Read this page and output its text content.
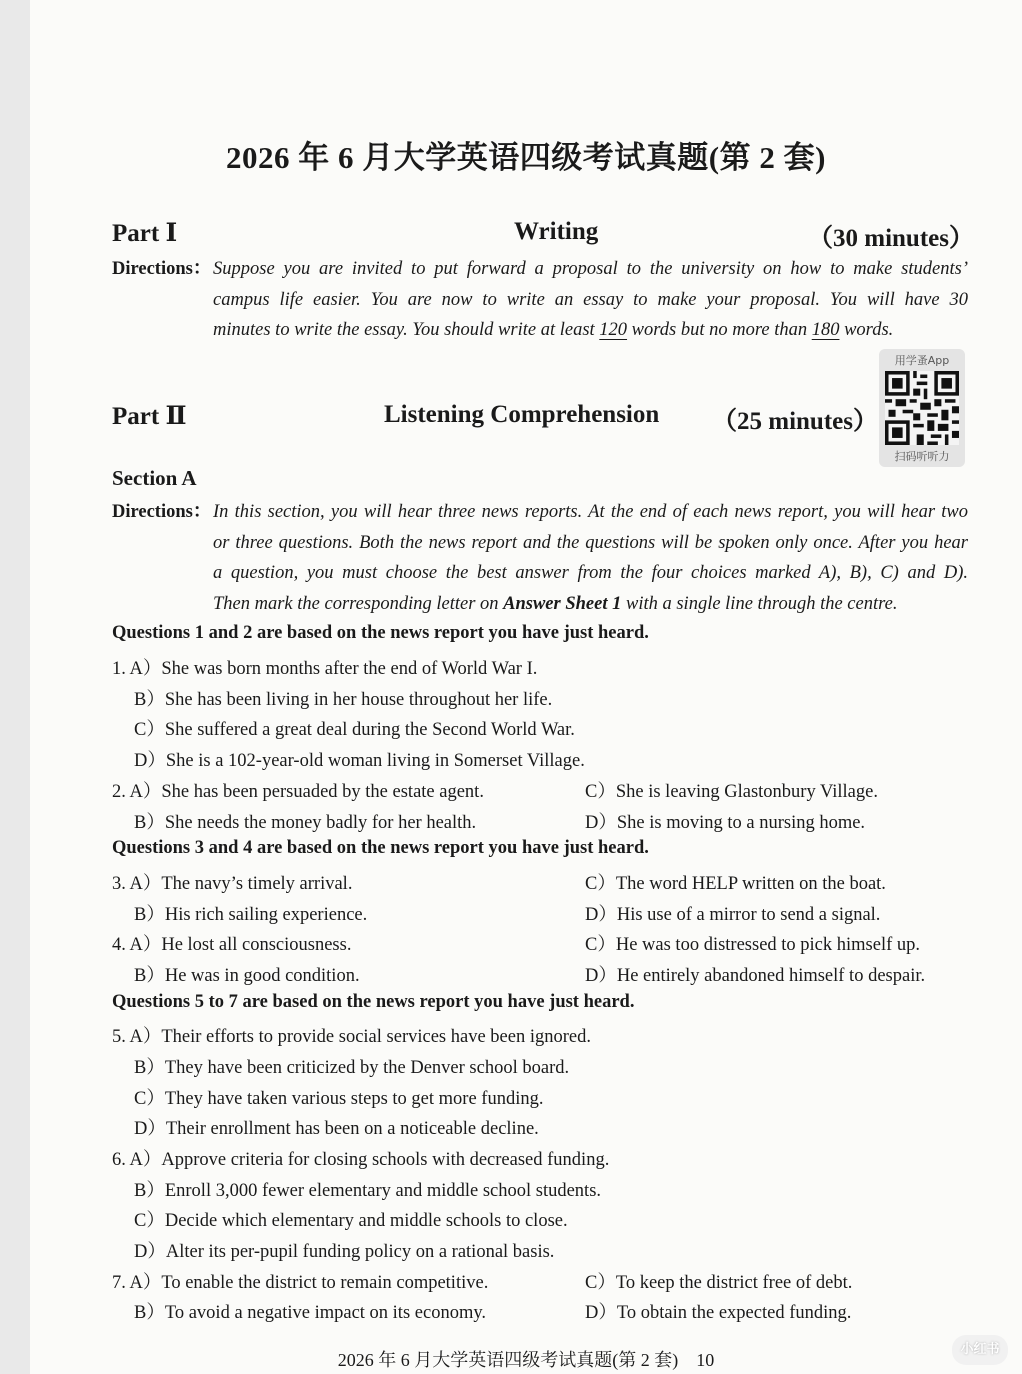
2026 年 6 月大学英语四级考试真题(第 2 套)
Part Ⅰ	Writing	（30 minutes）
Directions： Suppose you are invited to put forward a proposal to the university on how to make students’
campus life easier. You are now to write an essay to make your proposal. You will have 30
minutes to write the essay. You should write at least 120 words but no more than 180 words.
用学蚤App
扫码听听力
Part Ⅱ	Listening Comprehension （25 minutes）
Section A
Directions： In this section, you will hear three news reports. At the end of each news report, you will hear two
or three questions. Both the news report and the questions will be spoken only once. After you hear
a question, you must choose the best answer from the four choices marked A), B), C) and D).
Then mark the corresponding letter on Answer Sheet 1 with a single line through the centre.
Questions 1 and 2 are based on the news report you have just heard.
1. A）She was born months after the end of World War I.
B）She has been living in her house throughout her life.
C）She suffered a great deal during the Second World War.
D）She is a 102-year-old woman living in Somerset Village.
2. A）She has been persuaded by the estate agent.	C）She is leaving Glastonbury Village.
B）She needs the money badly for her health.	D）She is moving to a nursing home.
Questions 3 and 4 are based on the news report you have just heard.
3. A）The navy’s timely arrival.	C）The word HELP written on the boat.
B）His rich sailing experience.	D）His use of a mirror to send a signal.
4. A）He lost all consciousness.	C）He was too distressed to pick himself up.
B）He was in good condition.	D）He entirely abandoned himself to despair.
Questions 5 to 7 are based on the news report you have just heard.
5. A）Their efforts to provide social services have been ignored.
B）They have been criticized by the Denver school board.
C）They have taken various steps to get more funding.
D）Their enrollment has been on a noticeable decline.
6. A）Approve criteria for closing schools with decreased funding.
B）Enroll 3,000 fewer elementary and middle school students.
C）Decide which elementary and middle schools to close.
D）Alter its per-pupil funding policy on a rational basis.
7. A）To enable the district to remain competitive.	C）To keep the district free of debt.
B）To avoid a negative impact on its economy.	D）To obtain the expected funding.
2026 年 6 月大学英语四级考试真题(第 2 套)    10
小红书
